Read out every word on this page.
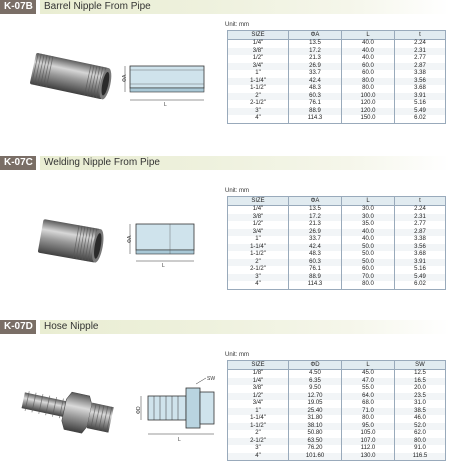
K-07B	Barrel Nipple From Pipe
ΦA
L
Unit: mm
SIZE	ΦA	L	t
1/4"	13.5	40.0	2.24
3/8"	17.2	40.0	2.31
1/2"	21.3	40.0	2.77
3/4"	26.9	60.0	2.87
1"	33.7	60.0	3.38
1-1/4"	42.4	80.0	3.56
1-1/2"	48.3	80.0	3.68
2"	60.3	100.0	3.91
2-1/2"	76.1	120.0	5.16
3"	88.9	120.0	5.49
4"	114.3	150.0	6.02
K-07C	Welding Nipple From Pipe
ΦA
L
Unit: mm
SIZE	ΦA	L	t
1/4"	13.5	30.0	2.24
3/8"	17.2	30.0	2.31
1/2"	21.3	35.0	2.77
3/4"	26.9	40.0	2.87
1"	33.7	40.0	3.38
1-1/4"	42.4	50.0	3.56
1-1/2"	48.3	50.0	3.68
2"	60.3	50.0	3.91
2-1/2"	76.1	60.0	5.16
3"	88.9	70.0	5.49
4"	114.3	80.0	6.02
K-07D	Hose Nipple
ΦD
L
SW
Unit: mm
SIZE	ΦD	L	SW
1/8"	4.50	45.0	12.5
1/4"	6.35	47.0	16.5
3/8"	9.50	55.0	20.0
1/2"	12.70	64.0	23.5
3/4"	19.05	68.0	31.0
1"	25.40	71.0	38.5
1-1/4"	31.80	80.0	46.0
1-1/2"	38.10	95.0	52.0
2"	50.80	105.0	62.0
2-1/2"	63.50	107.0	80.0
3"	76.20	112.0	91.0
4"	101.60	130.0	116.5
